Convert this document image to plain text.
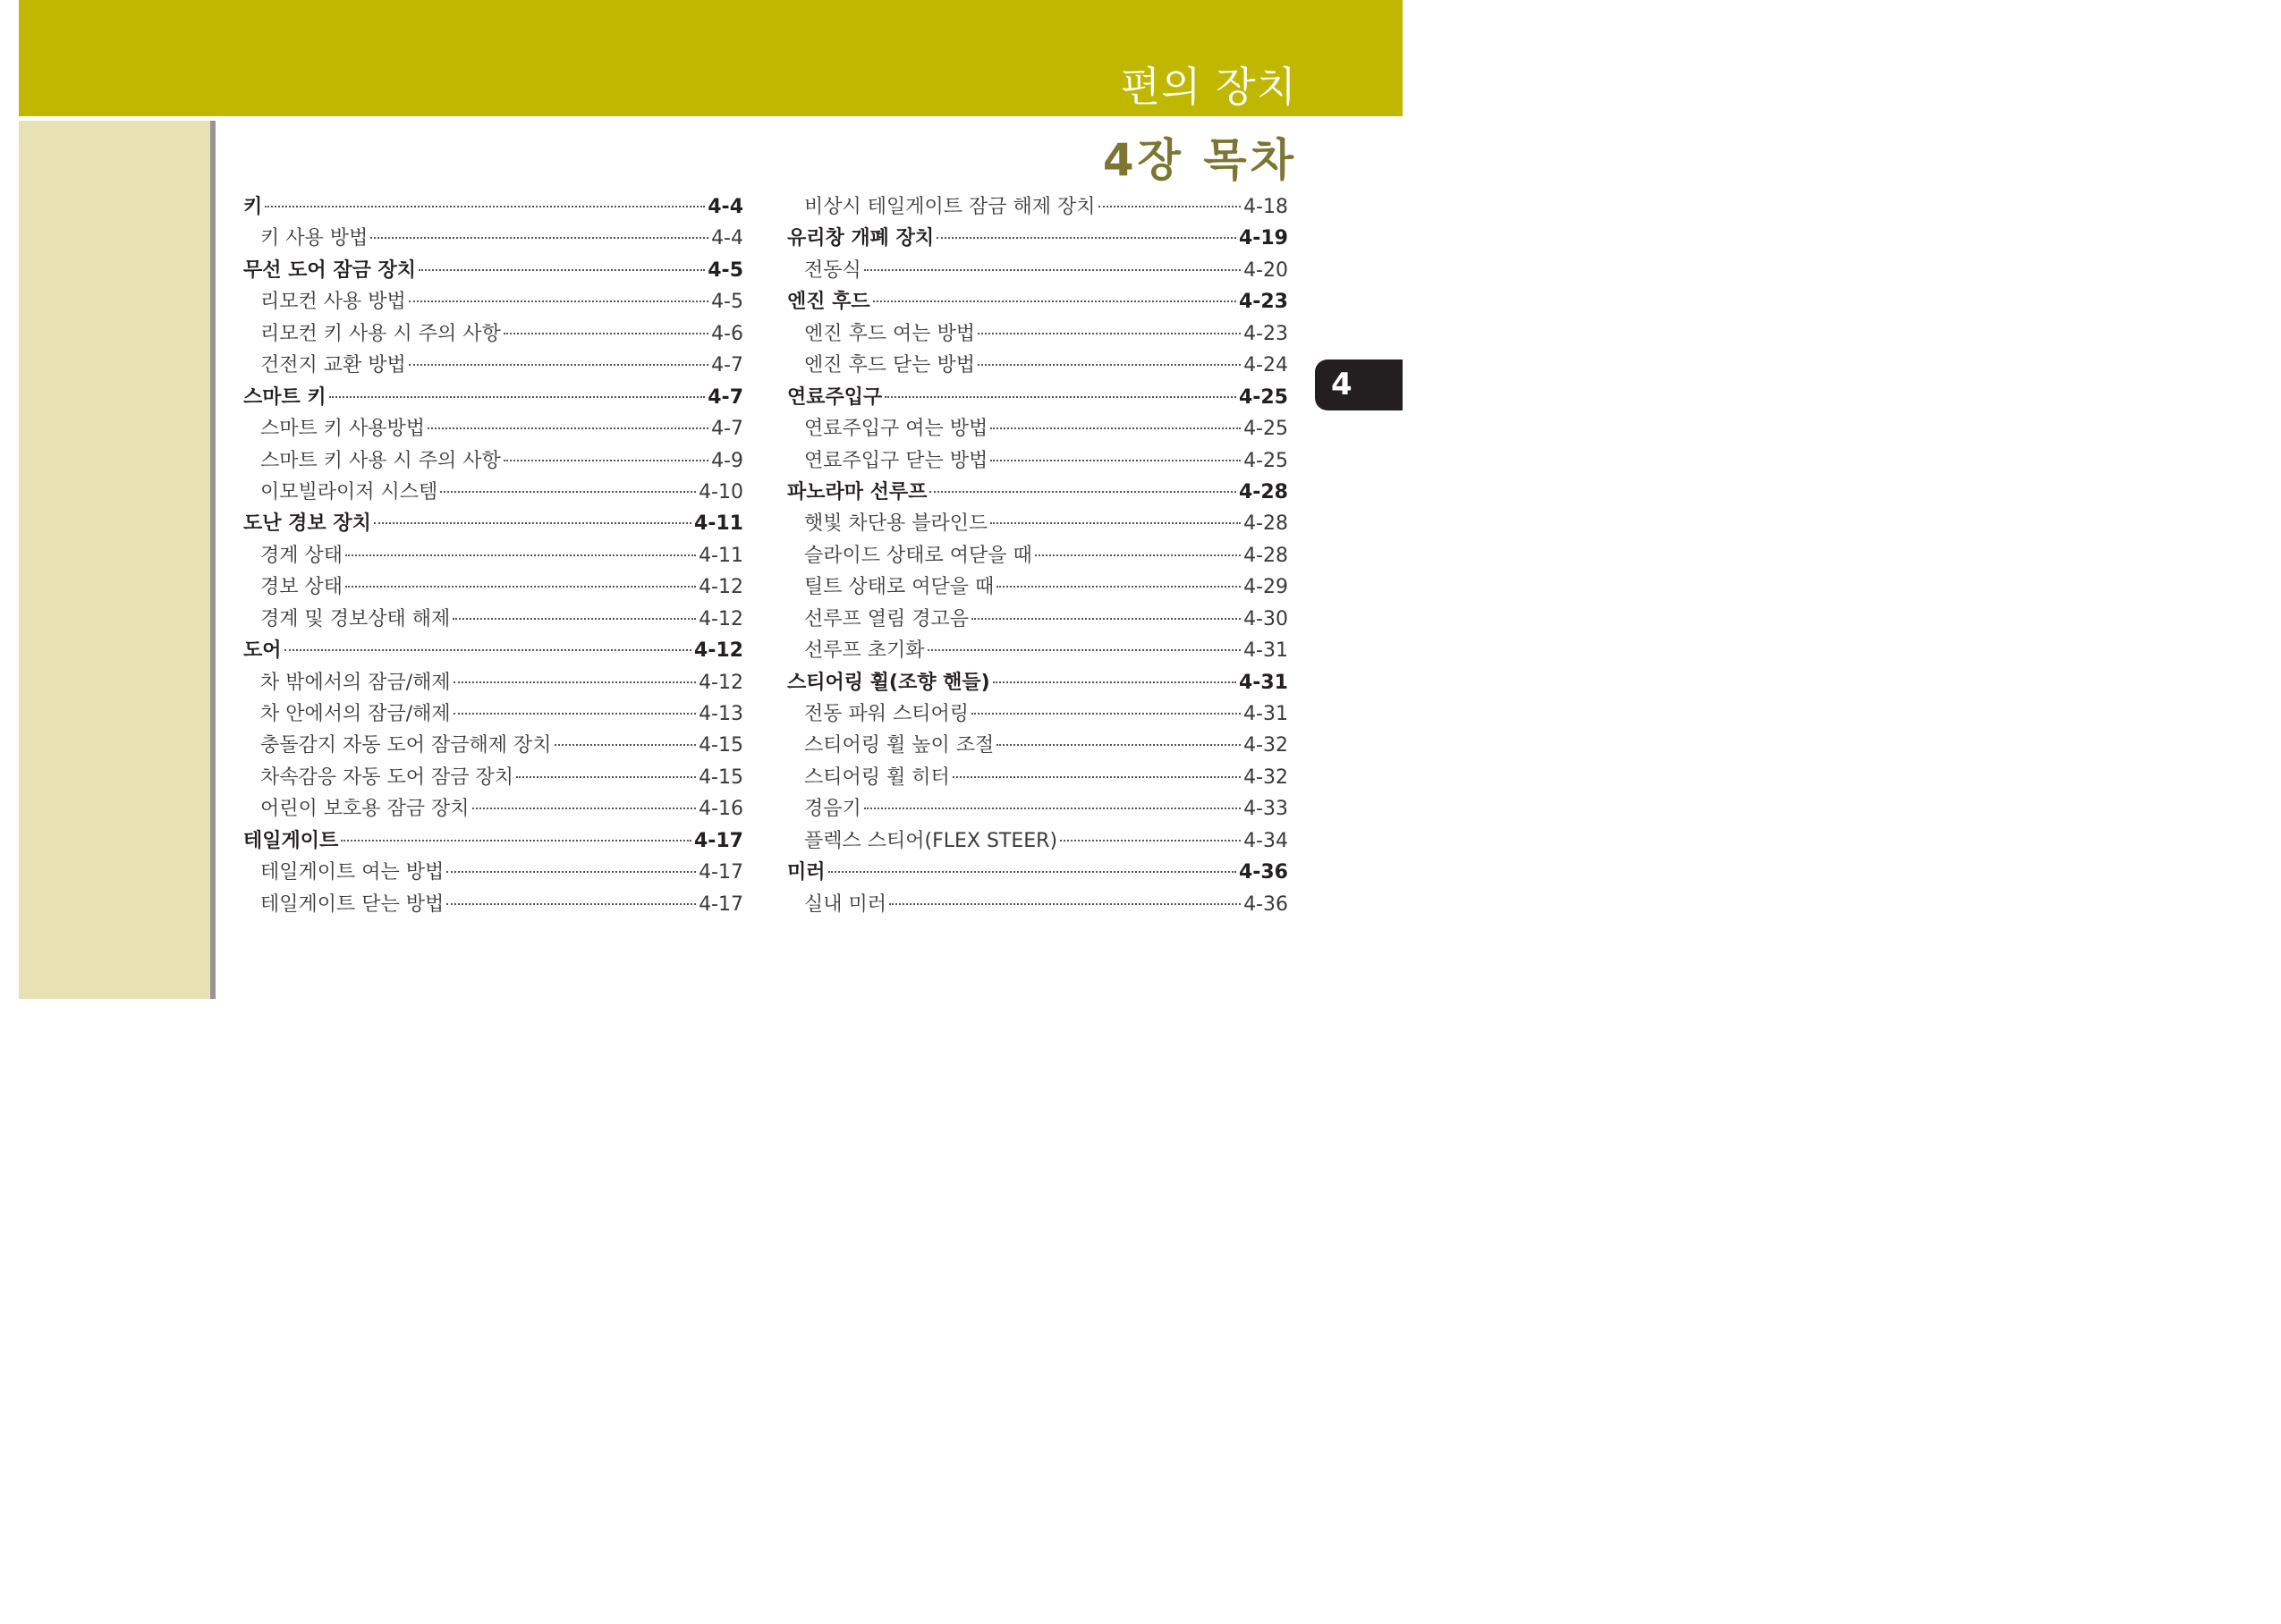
편의 장치
4장 목차
키	4-4
키 사용 방법	4-4
무선 도어 잠금 장치	4-5
리모컨 사용 방법	4-5
리모컨 키 사용 시 주의 사항	4-6
건전지 교환 방법	4-7
스마트 키	4-7
스마트 키 사용방법	4-7
스마트 키 사용 시 주의 사항	4-9
이모빌라이저 시스템	4-10
도난 경보 장치	4-11
경계 상태	4-11
경보 상태	4-12
경계 및 경보상태 해제	4-12
도어	4-12
차 밖에서의 잠금/해제	4-12
차 안에서의 잠금/해제	4-13
충돌감지 자동 도어 잠금해제 장치	4-15
차속감응 자동 도어 잠금 장치	4-15
어린이 보호용 잠금 장치	4-16
테일게이트	4-17
테일게이트 여는 방법	4-17
테일게이트 닫는 방법	4-17
비상시 테일게이트 잠금 해제 장치	4-18
유리창 개폐 장치	4-19
전동식	4-20
엔진 후드	4-23
엔진 후드 여는 방법	4-23
엔진 후드 닫는 방법	4-24
연료주입구	4-25
연료주입구 여는 방법	4-25
연료주입구 닫는 방법	4-25
파노라마 선루프	4-28
햇빛 차단용 블라인드	4-28
슬라이드 상태로 여닫을 때	4-28
틸트 상태로 여닫을 때	4-29
선루프 열림 경고음	4-30
선루프 초기화	4-31
스티어링 휠(조향 핸들)	4-31
전동 파워 스티어링	4-31
스티어링 휠 높이 조절	4-32
스티어링 휠 히터	4-32
경음기	4-33
플렉스 스티어(FLEX STEER)	4-34
미러	4-36
실내 미러	4-36
4
